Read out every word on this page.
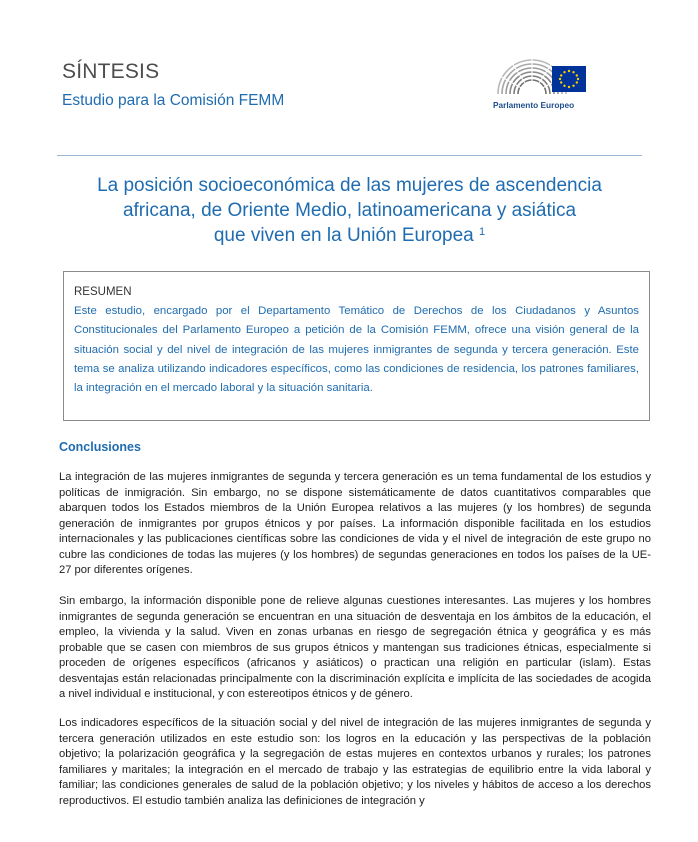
SÍNTESIS
Estudio para la Comisión FEMM	Parlamento Europeo
La posición socioeconómica de las mujeres de ascendencia
africana, de Oriente Medio, latinoamericana y asiática
que viven en la Unión Europea $^1$
RESUMEN
Este estudio, encargado por el Departamento Temático de Derechos de los Ciudadanos y Asuntos Constitucionales del Parlamento Europeo a petición de la Comisión FEMM, ofrece una visión general de la situación social y del nivel de integración de las mujeres inmigrantes de segunda y tercera generación. Este tema se analiza utilizando indicadores específicos, como las condiciones de residencia, los patrones familiares, la integración en el mercado laboral y la situación sanitaria.
Conclusiones
La integración de las mujeres inmigrantes de segunda y tercera generación es un tema fundamental de los estudios y políticas de inmigración. Sin embargo, no se dispone sistemáticamente de datos cuantitativos comparables que abarquen todos los Estados miembros de la Unión Europea relativos a las mujeres (y los hombres) de segunda generación de inmigrantes por grupos étnicos y por países. La información disponible facilitada en los estudios internacionales y las publicaciones científicas sobre las condiciones de vida y el nivel de integración de este grupo no cubre las condiciones de todas las mujeres (y los hombres) de segundas generaciones en todos los países de la UE-27 por diferentes orígenes.
Sin embargo, la información disponible pone de relieve algunas cuestiones interesantes. Las mujeres y los hombres inmigrantes de segunda generación se encuentran en una situación de desventaja en los ámbitos de la educación, el empleo, la vivienda y la salud. Viven en zonas urbanas en riesgo de segregación étnica y geográfica y es más probable que se casen con miembros de sus grupos étnicos y mantengan sus tradiciones étnicas, especialmente si proceden de orígenes específicos (africanos y asiáticos) o practican una religión en particular (islam). Estas desventajas están relacionadas principalmente con la discriminación explícita e implícita de las sociedades de acogida a nivel individual e institucional, y con estereotipos étnicos y de género.
Los indicadores específicos de la situación social y del nivel de integración de las mujeres inmigrantes de segunda y tercera generación utilizados en este estudio son: los logros en la educación y las perspectivas de la población objetivo; la polarización geográfica y la segregación de estas mujeres en contextos urbanos y rurales; los patrones familiares y maritales; la integración en el mercado de trabajo y las estrategias de equilibrio entre la vida laboral y familiar; las condiciones generales de salud de la población objetivo; y los niveles y hábitos de acceso a los derechos reproductivos. El estudio también analiza las definiciones de integración y
